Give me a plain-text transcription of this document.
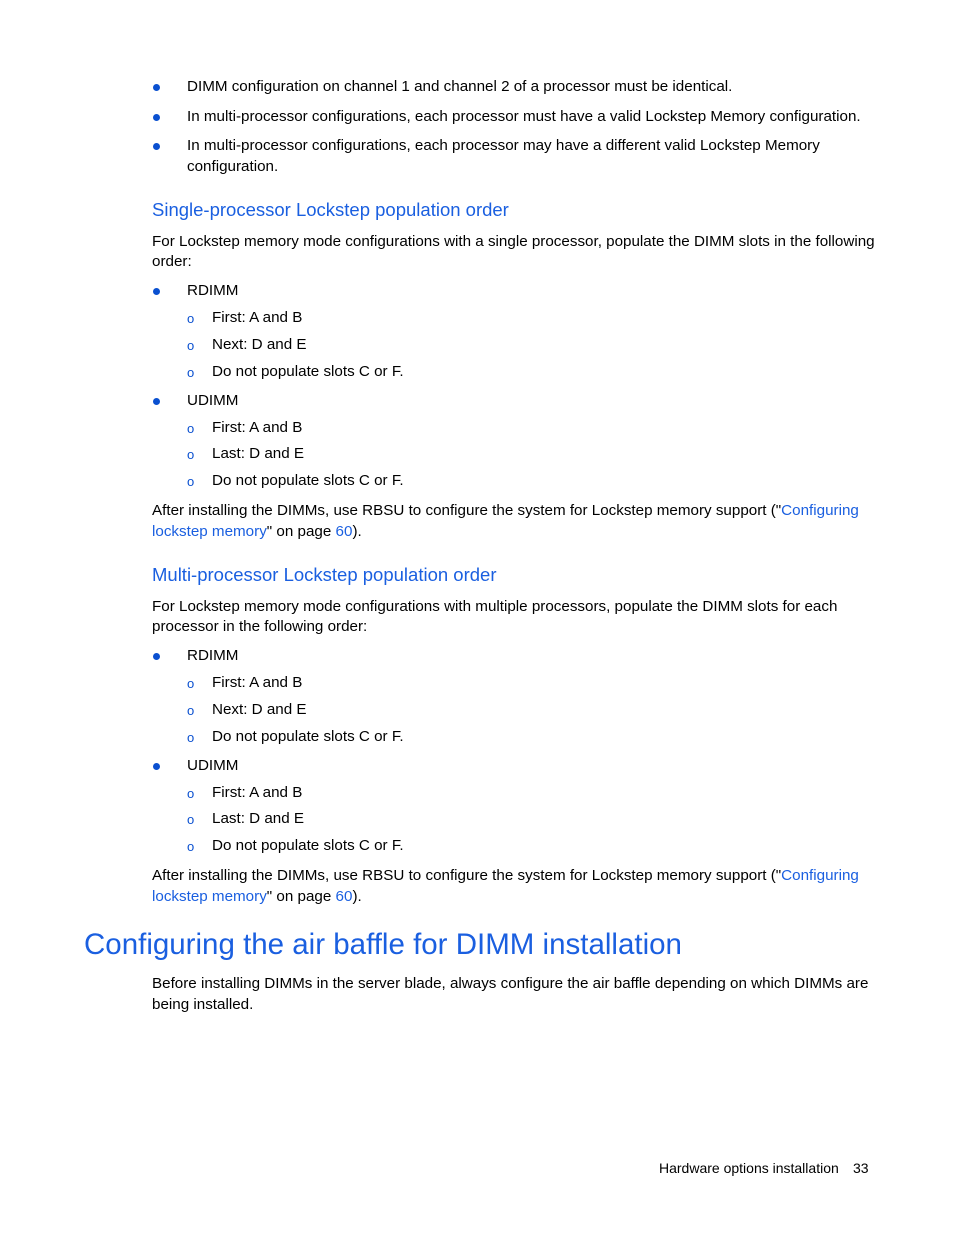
DIMM configuration on channel 1 and channel 2 of a processor must be identical.
In multi-processor configurations, each processor must have a valid Lockstep Memory configuration.
In multi-processor configurations, each processor may have a different valid Lockstep Memory
configuration.
Single-processor Lockstep population order
For Lockstep memory mode configurations with a single processor, populate the DIMM slots in the following
order:
RDIMM
o First: A and B
o Next: D and E
o Do not populate slots C or F.
UDIMM
o First: A and B
o Last: D and E
o Do not populate slots C or F.
After installing the DIMMs, use RBSU to configure the system for Lockstep memory support ("Configuring
lockstep memory" on page 60).
Multi-processor Lockstep population order
For Lockstep memory mode configurations with multiple processors, populate the DIMM slots for each
processor in the following order:
RDIMM
o First: A and B
o Next: D and E
o Do not populate slots C or F.
UDIMM
o First: A and B
o Last: D and E
o Do not populate slots C or F.
After installing the DIMMs, use RBSU to configure the system for Lockstep memory support ("Configuring
lockstep memory" on page 60).
Configuring the air baffle for DIMM installation
Before installing DIMMs in the server blade, always configure the air baffle depending on which DIMMs are
being installed.
Hardware options installation 33
